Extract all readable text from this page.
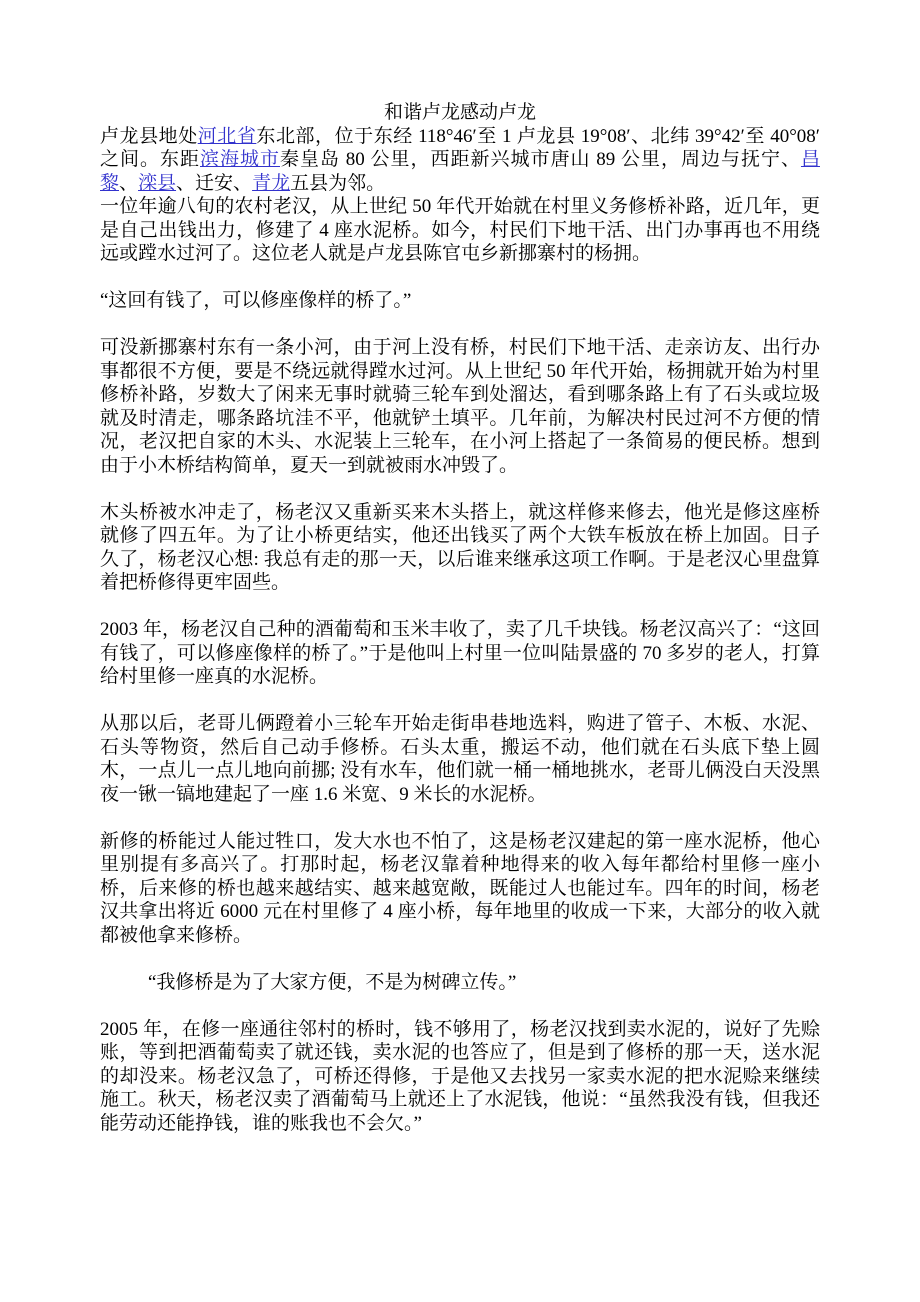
和谐卢龙感动卢龙

卢龙县地处河北省东北部，位于东经 118°46′至 1 卢龙县 19°08′、北纬 39°42′至 40°08′之间。东距滨海城市秦皇岛 80 公里，西距新兴城市唐山 89 公里，周边与抚宁、昌黎、滦县、迁安、青龙五县为邻。

一位年逾八旬的农村老汉，从上世纪 50 年代开始就在村里义务修桥补路，近几年，更是自己出钱出力，修建了 4 座水泥桥。如今，村民们下地干活、出门办事再也不用绕远或蹚水过河了。这位老人就是卢龙县陈官屯乡新挪寨村的杨拥。

“这回有钱了，可以修座像样的桥了。”

可没新挪寨村东有一条小河，由于河上没有桥，村民们下地干活、走亲访友、出行办事都很不方便，要是不绕远就得蹚水过河。从上世纪 50 年代开始，杨拥就开始为村里修桥补路，岁数大了闲来无事时就骑三轮车到处溜达，看到哪条路上有了石头或垃圾就及时清走，哪条路坑洼不平，他就铲土填平。几年前，为解决村民过河不方便的情况，老汉把自家的木头、水泥装上三轮车，在小河上搭起了一条简易的便民桥。想到由于小木桥结构简单，夏天一到就被雨水冲毁了。

木头桥被水冲走了，杨老汉又重新买来木头搭上，就这样修来修去，他光是修这座桥就修了四五年。为了让小桥更结实，他还出钱买了两个大铁车板放在桥上加固。日子久了，杨老汉心想: 我总有走的那一天，以后谁来继承这项工作啊。于是老汉心里盘算着把桥修得更牢固些。

2003 年，杨老汉自己种的酒葡萄和玉米丰收了，卖了几千块钱。杨老汉高兴了：“这回有钱了，可以修座像样的桥了。”于是他叫上村里一位叫陆景盛的 70 多岁的老人，打算给村里修一座真的水泥桥。

从那以后，老哥儿俩蹬着小三轮车开始走街串巷地选料，购进了管子、木板、水泥、石头等物资，然后自己动手修桥。石头太重，搬运不动，他们就在石头底下垫上圆木，一点儿一点儿地向前挪; 没有水车，他们就一桶一桶地挑水，老哥儿俩没白天没黑夜一锹一镐地建起了一座 1.6 米宽、9 米长的水泥桥。

新修的桥能过人能过牲口，发大水也不怕了，这是杨老汉建起的第一座水泥桥，他心里别提有多高兴了。打那时起，杨老汉靠着种地得来的收入每年都给村里修一座小桥，后来修的桥也越来越结实、越来越宽敞，既能过人也能过车。四年的时间，杨老汉共拿出将近 6000 元在村里修了 4 座小桥，每年地里的收成一下来，大部分的收入就都被他拿来修桥。

“我修桥是为了大家方便，不是为树碑立传。”

2005 年，在修一座通往邻村的桥时，钱不够用了，杨老汉找到卖水泥的，说好了先赊账，等到把酒葡萄卖了就还钱，卖水泥的也答应了，但是到了修桥的那一天，送水泥的却没来。杨老汉急了，可桥还得修，于是他又去找另一家卖水泥的把水泥赊来继续施工。秋天，杨老汉卖了酒葡萄马上就还上了水泥钱，他说：“虽然我没有钱，但我还能劳动还能挣钱，谁的账我也不会欠。”
